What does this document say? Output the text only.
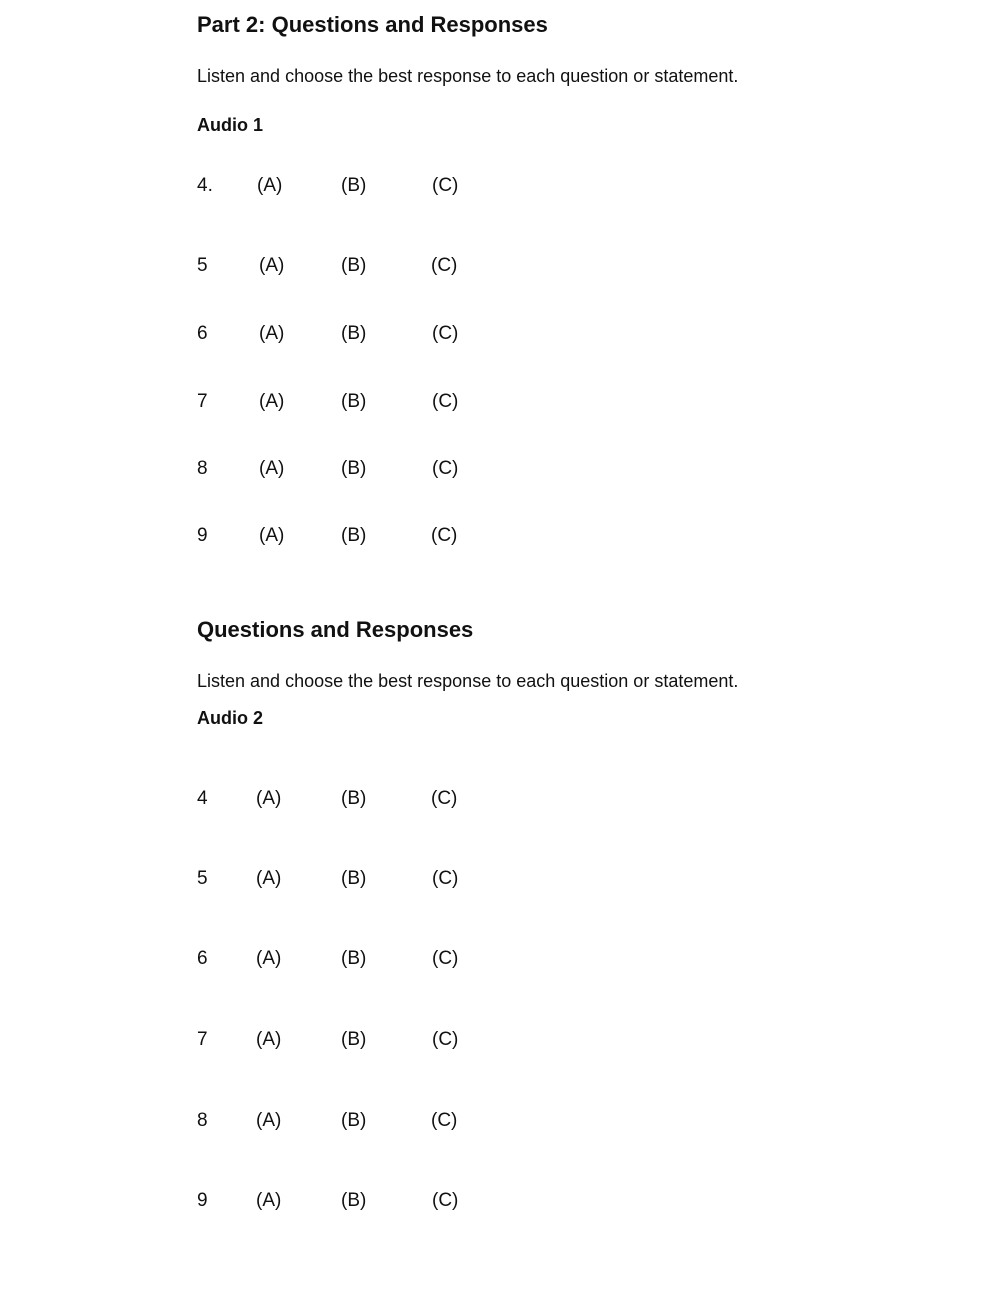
Part 2: Questions and Responses
Listen and choose the best response to each question or statement.
Audio 1
4. (A)	(B)	(C)
5	(A)	(B)	(C)
6	(A)	(B)	(C)
7	(A)	(B)	(C)
8	(A)	(B)	(C)
9	(A)	(B)	(C)
Questions and Responses
Listen and choose the best response to each question or statement.
Audio 2
4	(A)	(B)	(C)
5	(A)	(B)	(C)
6	(A)	(B)	(C)
7	(A)	(B)	(C)
8	(A)	(B)	(C)
9	(A)	(B)	(C)
